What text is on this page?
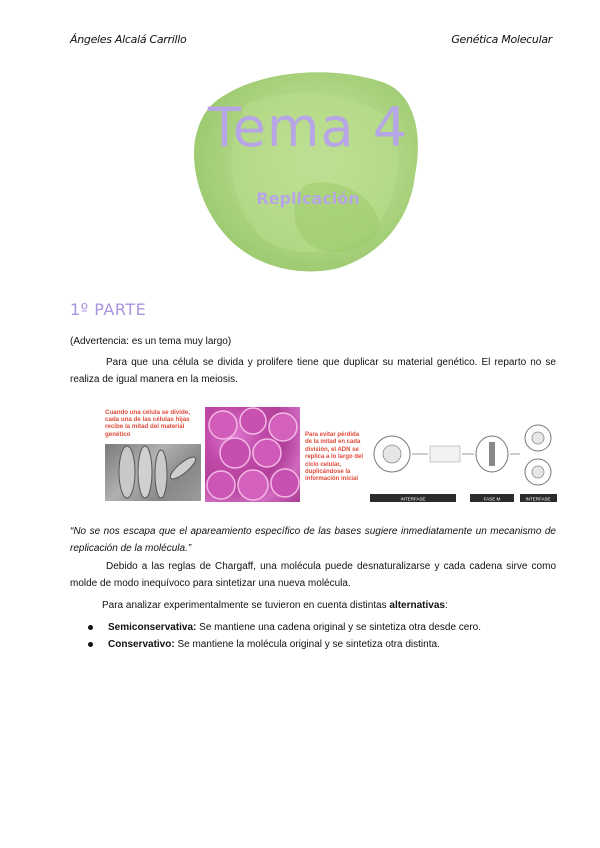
Ángeles Alcalá Carrillo	Genética Molecular
Tema 4
Replicación
1º PARTE
(Advertencia: es un tema muy largo)
Para que una célula se divida y prolifere tiene que duplicar su material genético. El reparto no se realiza de igual manera en la meiosis.
Cuando una célula se divide, cada una de las células hijas recibe la mitad del material genético	Para evitar pérdida de la mitad en cada división, el ADN se replica a lo largo del ciclo celular, duplicándose la información inicial
INTERFASE	FASE M	INTERFASE
“No se nos escapa que el apareamiento específico de las bases sugiere inmediatamente un mecanismo de replicación de la molécula.”
Debido a las reglas de Chargaff, una molécula puede desnaturalizarse y cada cadena sirve como molde de modo inequívoco para sintetizar una nueva molécula.
Para analizar experimentalmente se tuvieron en cuenta distintas alternativas:
Semiconservativa: Se mantiene una cadena original y se sintetiza otra desde cero.
Conservativo: Se mantiene la molécula original y se sintetiza otra distinta.
